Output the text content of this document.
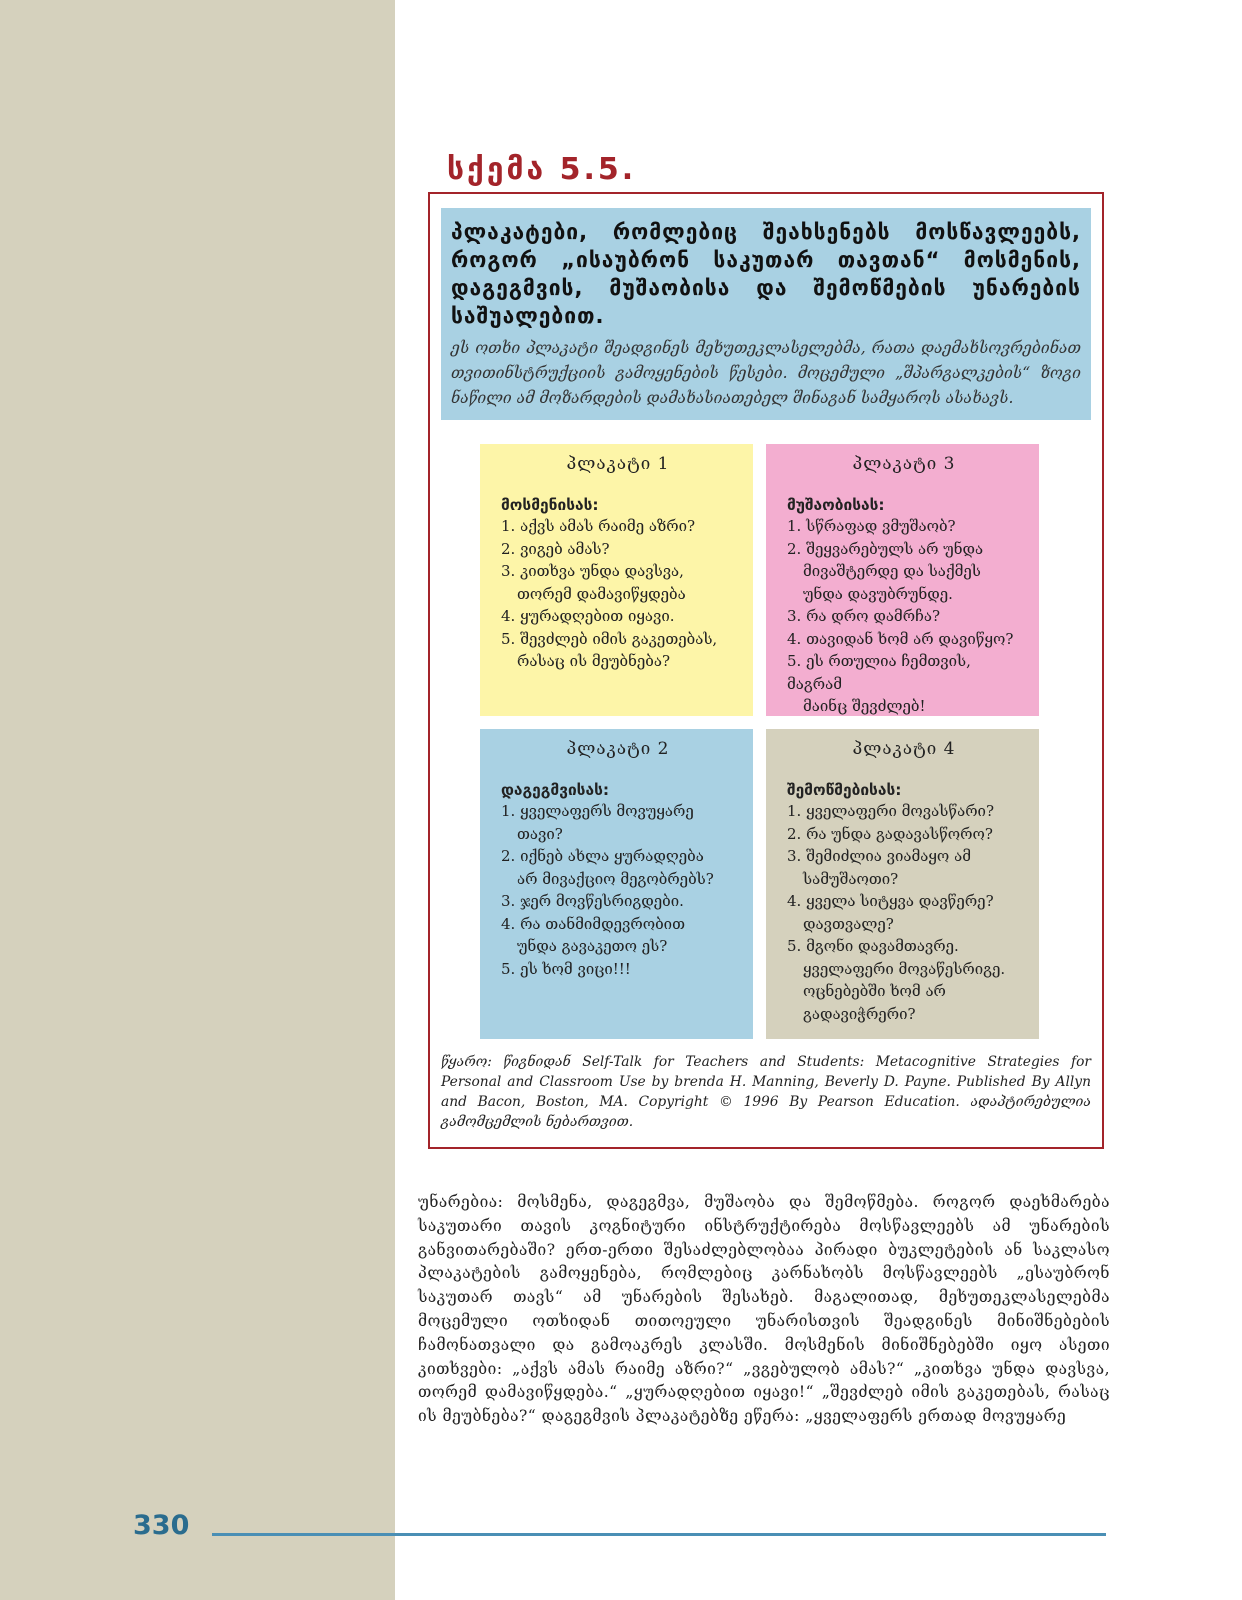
სქემა 5.5.
პლაკატები, რომლებიც შეახსენებს მოსწავლეებს, როგორ „ისაუბრონ საკუთარ თავთან“ მოსმენის, დაგეგმვის, მუშაობისა და შემოწმების უნარების საშუალებით.
ეს ოთხი პლაკატი შეადგინეს მეხუთეკლასელებმა, რათა დაემახსოვრებინათ თვითინსტრუქციის გამოყენების წესები. მოცემული „შპარგალკების“ ზოგი ნაწილი ამ მოზარდების დამახასიათებელ შინაგან სამყაროს ასახავს.
პლაკატი 1
მოსმენისას:
1. აქვს ამას რაიმე აზრი?
2. ვიგებ ამას?
3. კითხვა უნდა დავსვა,
თორემ დამავიწყდება
4. ყურადღებით იყავი.
5. შევძლებ იმის გაკეთებას,
რასაც ის მეუბნება?
პლაკატი 3
მუშაობისას:
1. სწრაფად ვმუშაობ?
2. შეყვარებულს არ უნდა
მივაშტერდე და საქმეს
უნდა დავუბრუნდე.
3. რა დრო დამრჩა?
4. თავიდან ხომ არ დავიწყო?
5. ეს რთულია ჩემთვის, მაგრამ
მაინც შევძლებ!
პლაკატი 2
დაგეგმვისას:
1. ყველაფერს მოვუყარე
თავი?
2. იქნებ ახლა ყურადღება
არ მივაქციო მეგობრებს?
3. ჯერ მოვწესრიგდები.
4. რა თანმიმდევრობით
უნდა გავაკეთო ეს?
5. ეს ხომ ვიცი!!!
პლაკატი 4
შემოწმებისას:
1. ყველაფერი მოვასწარი?
2. რა უნდა გადავასწორო?
3. შემიძლია ვიამაყო ამ
სამუშაოთი?
4. ყველა სიტყვა დავწერე?
დავთვალე?
5. მგონი დავამთავრე.
ყველაფერი მოვაწესრიგე.
ოცნებებში ხომ არ
გადავიჭრერი?
წყარო: წიგნიდან Self-Talk for Teachers and Students: Metacognitive Strategies for Personal and Classroom Use by brenda H. Manning, Beverly D. Payne. Published By Allyn and Bacon, Boston, MA. Copyright © 1996 By Pearson Education. ადაპტირებულია გამომცემლის ნებართვით.
უნარებია: მოსმენა, დაგეგმვა, მუშაობა და შემოწმება. როგორ დაეხმარება საკუთარი თავის კოგნიტური ინსტრუქტირება მოსწავლეებს ამ უნარების განვითარებაში? ერთ-ერთი შესაძლებლობაა პირადი ბუკლეტების ან საკლასო პლაკატების გამოყენება, რომლებიც კარნახობს მოსწავლეებს „ესაუბრონ საკუთარ თავს“ ამ უნარების შესახებ. მაგალითად, მეხუთეკლასელებმა მოცემული ოთხიდან თითოეული უნარისთვის შეადგინეს მინიშნებების ჩამონათვალი და გამოაკრეს კლასში. მოსმენის მინიშნებებში იყო ასეთი კითხვები: „აქვს ამას რაიმე აზრი?“ „ვგებულობ ამას?“ „კითხვა უნდა დავსვა, თორემ დამავიწყდება.“ „ყურადღებით იყავი!“ „შევძლებ იმის გაკეთებას, რასაც ის მეუბნება?“ დაგეგმვის პლაკატებზე ეწერა: „ყველაფერს ერთად მოვუყარე
330
